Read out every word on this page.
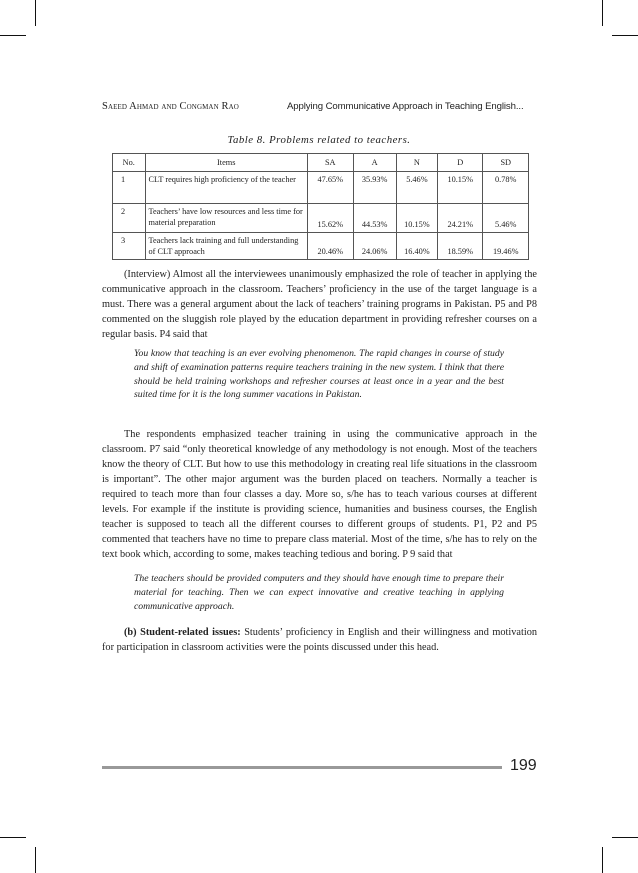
Saeed Ahmad and Congman Rao	Applying Communicative Approach in Teaching English...
Table 8. Problems related to teachers.
No.	Items	SA	A	N	D	SD
1	CLT requires high proficiency of the teacher	47.65%	35.93%	5.46%	10.15%	0.78%
2	Teachers’ have low resources and less time for material preparation	15.62%	44.53%	10.15%	24.21%	5.46%
3	Teachers lack training and full understanding of CLT approach	20.46%	24.06%	16.40%	18.59%	19.46%
(Interview) Almost all the interviewees unanimously emphasized the role of teacher in applying the communicative approach in the classroom. Teachers’ proficiency in the use of the target language is a must. There was a general argument about the lack of teachers’ training programs in Pakistan. P5 and P8 commented on the sluggish role played by the education department in providing refresher courses on a regular basis. P4 said that
You know that teaching is an ever evolving phenomenon. The rapid changes in course of study and shift of examination patterns require teachers training in the new system. I think that there should be held training workshops and refresher courses at least once in a year and the best suited time for it is the long summer vacations in Pakistan.
The respondents emphasized teacher training in using the communicative approach in the classroom. P7 said “only theoretical knowledge of any methodology is not enough. Most of the teachers know the theory of CLT. But how to use this methodology in creating real life situations in the classroom is important”. The other major argument was the burden placed on teachers. Normally a teacher is required to teach more than four classes a day. More so, s/he has to teach various courses at different levels. For example if the institute is providing science, humanities and business courses, the English teacher is supposed to teach all the different courses to different groups of students. P1, P2 and P5 commented that teachers have no time to prepare class material. Most of the time, s/he has to rely on the text book which, according to some, makes teaching tedious and boring. P 9 said that
The teachers should be provided computers and they should have enough time to prepare their material for teaching. Then we can expect innovative and creative teaching in applying communicative approach.
(b) Student-related issues: Students’ proficiency in English and their willingness and motivation for participation in classroom activities were the points discussed under this head.
199
